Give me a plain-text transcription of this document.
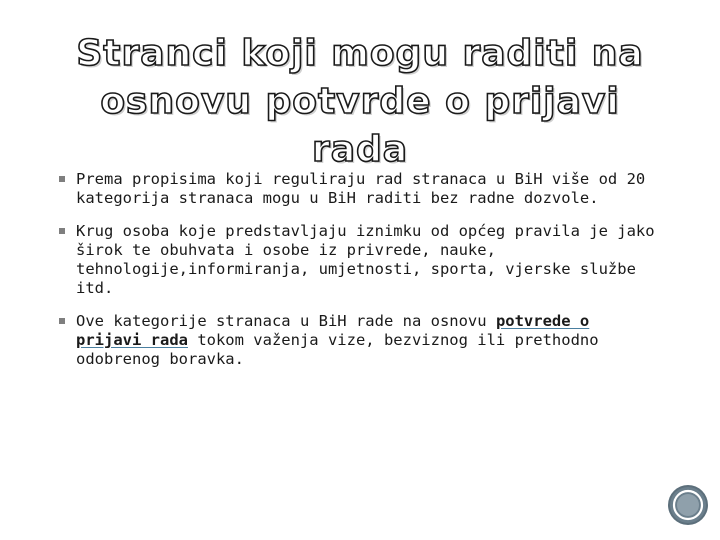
Stranci koji mogu raditi na
osnovu potvrde o prijavi rada
Prema propisima koji reguliraju rad stranaca u BiH više od 20 kategorija stranaca mogu u BiH raditi bez radne dozvole.
Krug osoba koje predstavljaju iznimku od općeg pravila je jako širok te obuhvata i osobe iz privrede, nauke, tehnologije,informiranja, umjetnosti, sporta, vjerske službe itd.
Ove kategorije stranaca u BiH rade na osnovu potvrede o prijavi rada tokom važenja vize, bezviznog ili prethodno odobrenog boravka.
